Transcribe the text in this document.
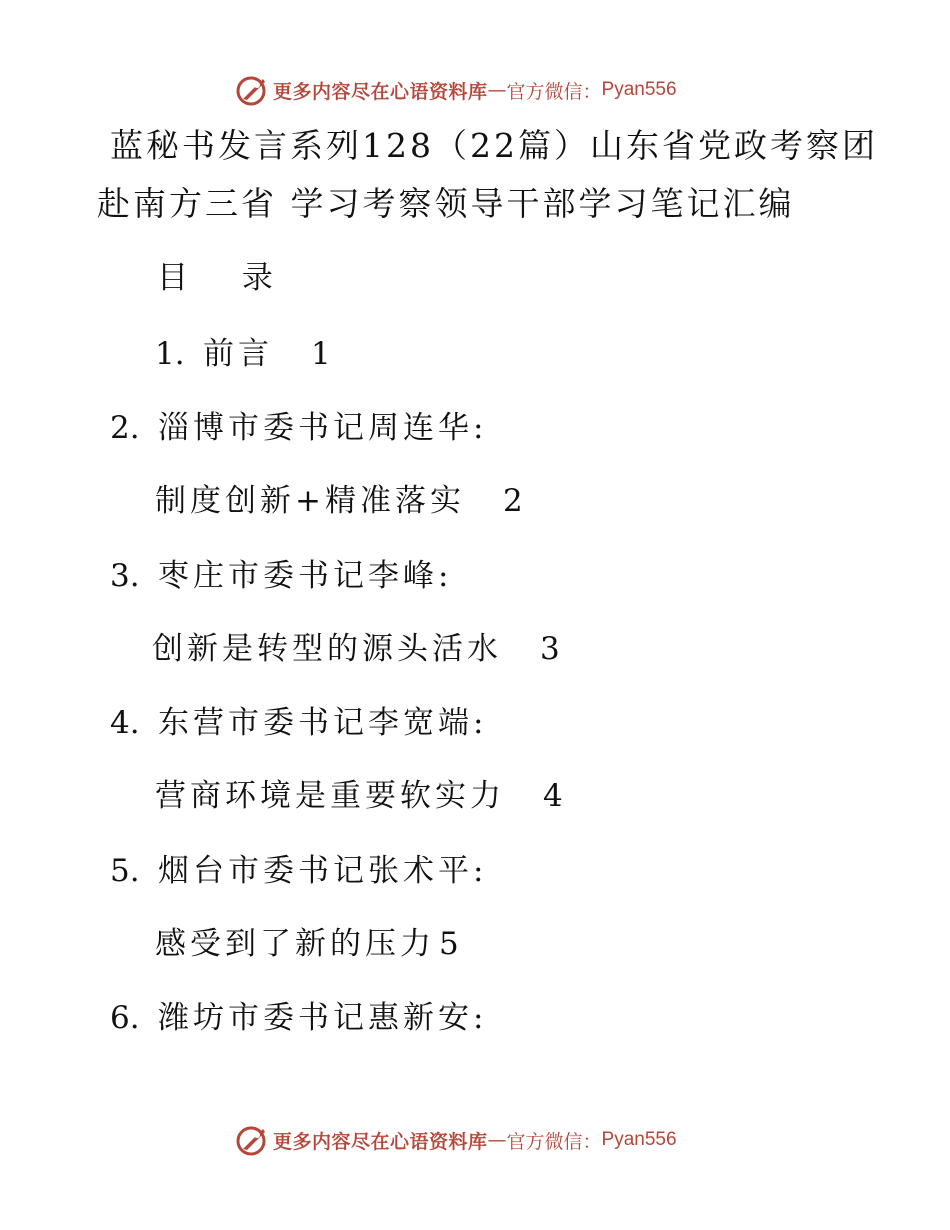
更多内容尽在心语资料库 — 官方微信： Pyan556
蓝秘书发言系列128（22篇）山东省党政考察团
赴南方三省 学习考察领导干部学习笔记汇编
目 录
1. 前言 1
2. 淄博市委书记周连华:
制度创新+精准落实 2
3. 枣庄市委书记李峰:
创新是转型的源头活水 3
4. 东营市委书记李宽端:
营商环境是重要软实力 4
5. 烟台市委书记张术平:
感受到了新的压力 5
6. 潍坊市委书记惠新安:
更多内容尽在心语资料库 — 官方微信： Pyan556
